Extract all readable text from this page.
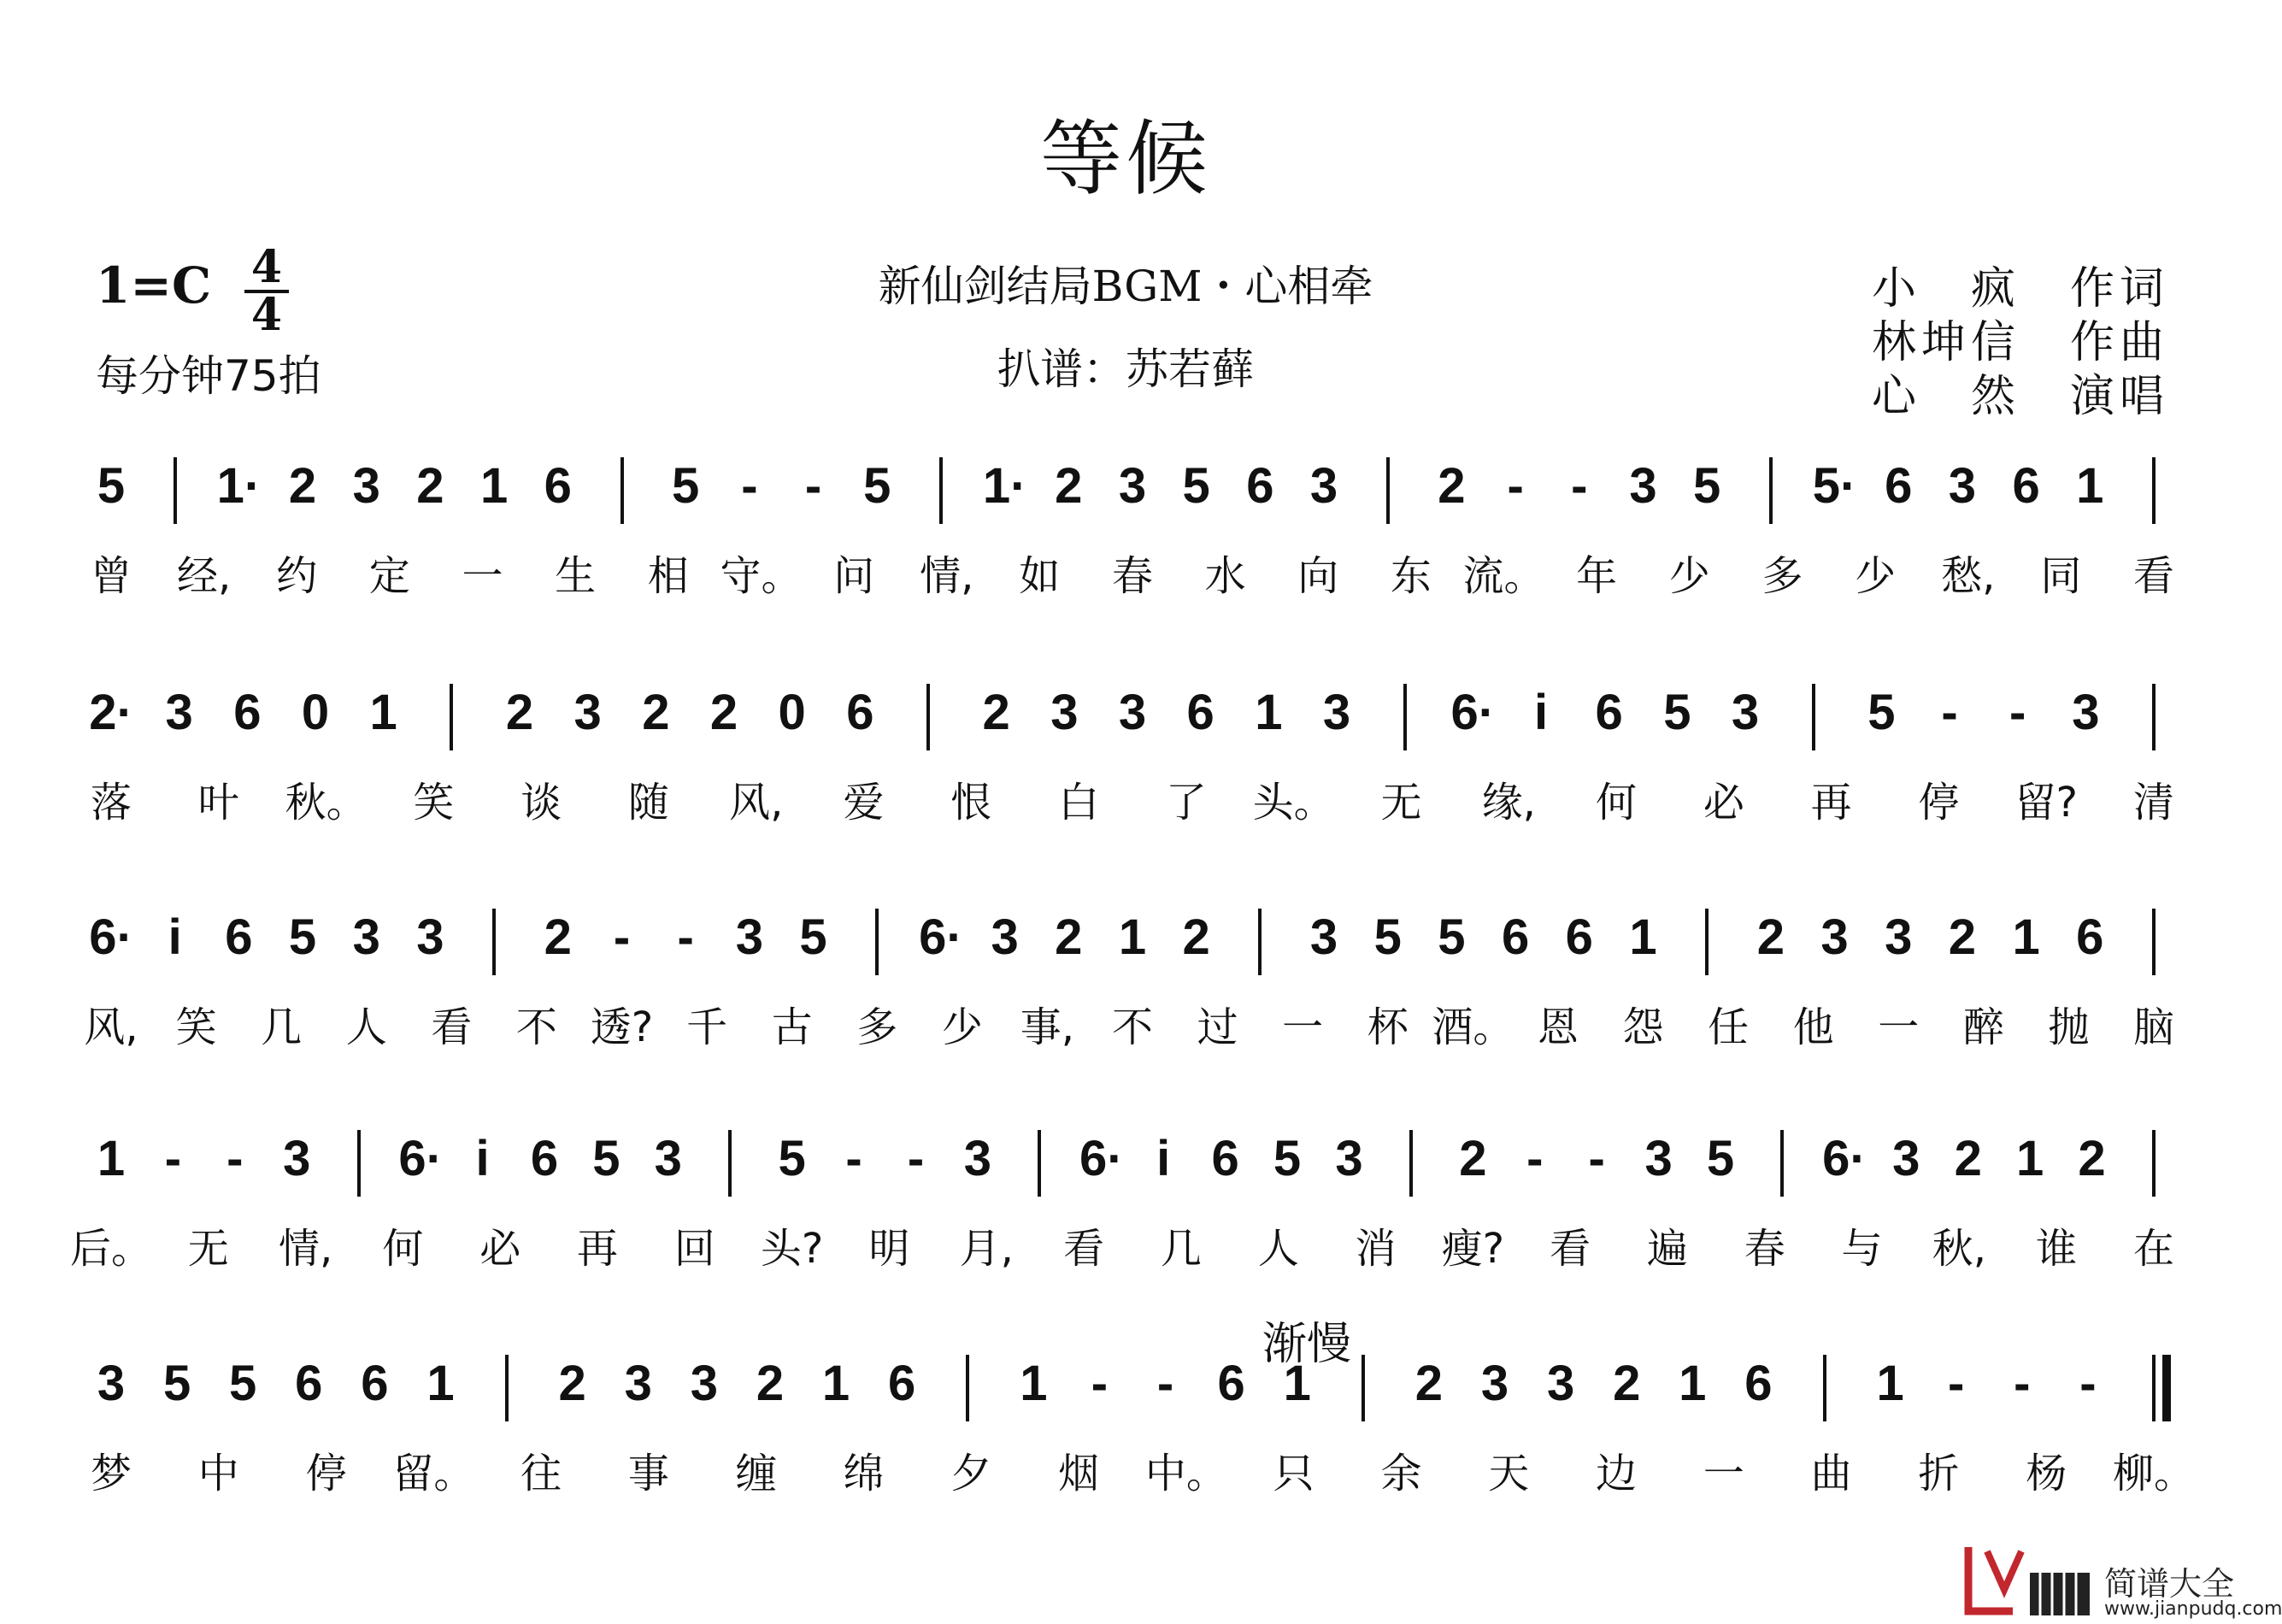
等候
1=C 4
4
每分钟75拍
新仙剑结局BGM・心相牵
扒谱：苏若藓
小　疯　作词
林坤信　作曲
心　然　演唱
渐慢
5 1· 2 3 2 1 6 5 - - 5 1· 2 3 5 6 3 2 - - 3 5 5· 6 3 6 1
曾 经, 约 定 一 生 相 守。 问 情, 如 春 水 向 东 流。 年 少 多 少 愁, 同 看
2· 3 6 0 1 2 3 2 2 0 6 2 3 3 6 1 3 6· i 6 5 3 5 - - 3
落 叶 秋。 笑 谈 随 风, 爱 恨 白 了 头。 无 缘, 何 必 再 停 留? 清
6· i 6 5 3 3 2 - - 3 5 6· 3 2 1 2 3 5 5 6 6 1 2 3 3 2 1 6
风, 笑 几 人 看 不 透? 千 古 多 少 事, 不 过 一 杯 酒。 恩 怨 任 他 一 醉 抛 脑
1 - - 3 6· i 6 5 3 5 - - 3 6· i 6 5 3 2 - - 3 5 6· 3 2 1 2
后。 无 情, 何 必 再 回 头? 明 月, 看 几 人 消 瘦? 看 遍 春 与 秋, 谁 在
3 5 5 6 6 1 2 3 3 2 1 6 1 - - 6 1 2 3 3 2 1 6 1 - - -
梦 中 停 留。 往 事 缠 绵 夕 烟 中。 只 余 天 边 一 曲 折 杨 柳。
简谱大全
www.jianpudq.com
